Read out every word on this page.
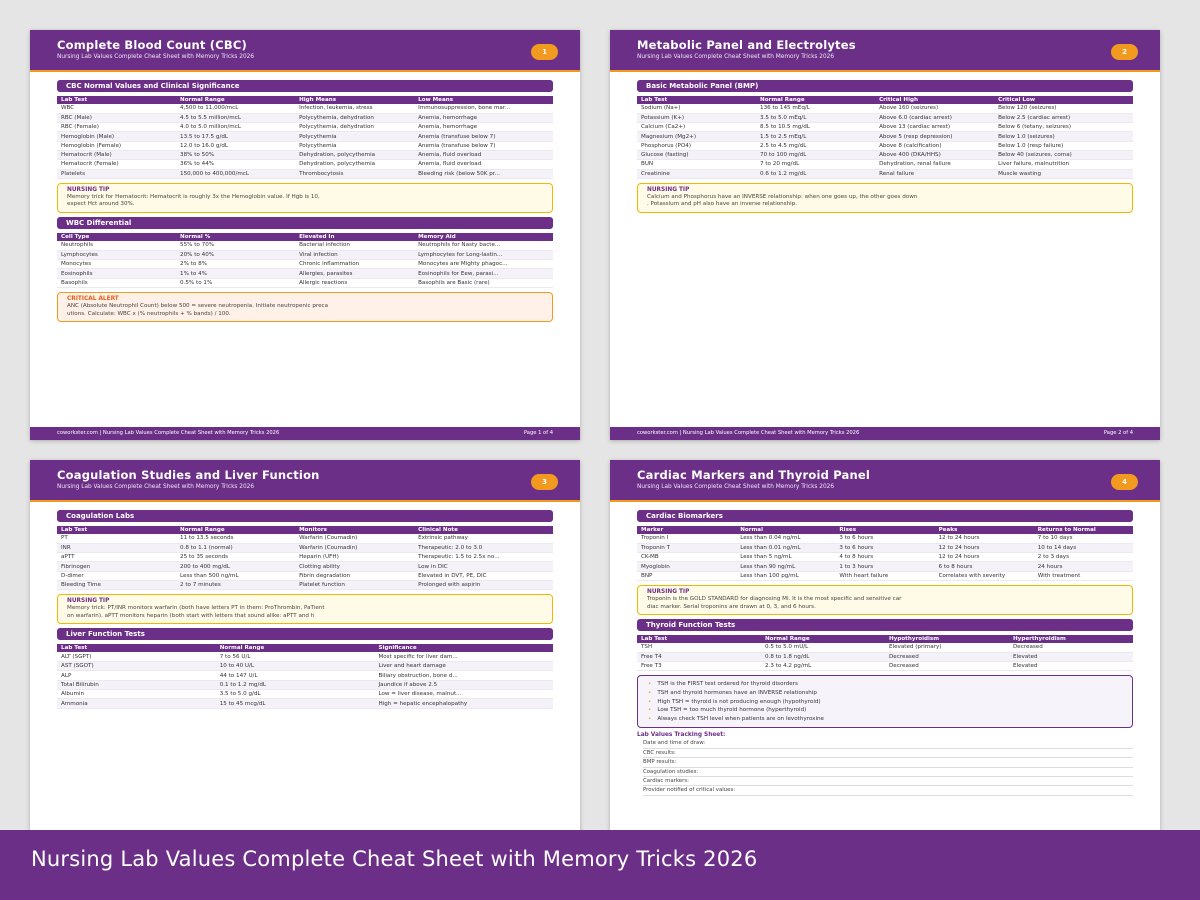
Complete Blood Count (CBC)
Nursing Lab Values Complete Cheat Sheet with Memory Tricks 2026
1
CBC Normal Values and Clinical Significance
Lab Test	Normal Range	High Means	Low Means
WBC	4,500 to 11,000/mcL	Infection, leukemia, stress	Immunosuppression, bone mar...
RBC (Male)	4.5 to 5.5 million/mcL	Polycythemia, dehydration	Anemia, hemorrhage
RBC (Female)	4.0 to 5.0 million/mcL	Polycythemia, dehydration	Anemia, hemorrhage
Hemoglobin (Male)	13.5 to 17.5 g/dL	Polycythemia	Anemia (transfuse below 7)
Hemoglobin (Female)	12.0 to 16.0 g/dL	Polycythemia	Anemia (transfuse below 7)
Hematocrit (Male)	38% to 50%	Dehydration, polycythemia	Anemia, fluid overload
Hematocrit (Female)	36% to 44%	Dehydration, polycythemia	Anemia, fluid overload
Platelets	150,000 to 400,000/mcL	Thrombocytosis	Bleeding risk (below 50K pr...
NURSING TIP
Memory trick for Hematocrit: Hematocrit is roughly 3x the Hemoglobin value. If Hgb is 10,
expect Hct around 30%.
WBC Differential
Cell Type	Normal %	Elevated In	Memory Aid
Neutrophils	55% to 70%	Bacterial infection	Neutrophils for Nasty bacte...
Lymphocytes	20% to 40%	Viral infection	Lymphocytes for Long-lastin...
Monocytes	2% to 8%	Chronic inflammation	Monocytes are Mighty phagoc...
Eosinophils	1% to 4%	Allergies, parasites	Eosinophils for Eew, parasi...
Basophils	0.5% to 1%	Allergic reactions	Basophils are Basic (rare)
CRITICAL ALERT
ANC (Absolute Neutrophil Count) below 500 = severe neutropenia. Initiate neutropenic preca
utions. Calculate: WBC x (% neutrophils + % bands) / 100.
coworkster.com | Nursing Lab Values Complete Cheat Sheet with Memory Tricks 2026	Page 1 of 4
Metabolic Panel and Electrolytes
Nursing Lab Values Complete Cheat Sheet with Memory Tricks 2026
2
Basic Metabolic Panel (BMP)
Lab Test	Normal Range	Critical High	Critical Low
Sodium (Na+)	136 to 145 mEq/L	Above 160 (seizures)	Below 120 (seizures)
Potassium (K+)	3.5 to 5.0 mEq/L	Above 6.0 (cardiac arrest)	Below 2.5 (cardiac arrest)
Calcium (Ca2+)	8.5 to 10.5 mg/dL	Above 13 (cardiac arrest)	Below 6 (tetany, seizures)
Magnesium (Mg2+)	1.5 to 2.5 mEq/L	Above 5 (resp depression)	Below 1.0 (seizures)
Phosphorus (PO4)	2.5 to 4.5 mg/dL	Above 8 (calcification)	Below 1.0 (resp failure)
Glucose (fasting)	70 to 100 mg/dL	Above 400 (DKA/HHS)	Below 40 (seizures, coma)
BUN	7 to 20 mg/dL	Dehydration, renal failure	Liver failure, malnutrition
Creatinine	0.6 to 1.2 mg/dL	Renal failure	Muscle wasting
NURSING TIP
Calcium and Phosphorus have an INVERSE relationship: when one goes up, the other goes down
. Potassium and pH also have an inverse relationship.
coworkster.com | Nursing Lab Values Complete Cheat Sheet with Memory Tricks 2026	Page 2 of 4
Coagulation Studies and Liver Function
Nursing Lab Values Complete Cheat Sheet with Memory Tricks 2026
3
Coagulation Labs
Lab Test	Normal Range	Monitors	Clinical Note
PT	11 to 13.5 seconds	Warfarin (Coumadin)	Extrinsic pathway
INR	0.8 to 1.1 (normal)	Warfarin (Coumadin)	Therapeutic: 2.0 to 3.0
aPTT	25 to 35 seconds	Heparin (UFH)	Therapeutic: 1.5 to 2.5x no...
Fibrinogen	200 to 400 mg/dL	Clotting ability	Low in DIC
D-dimer	Less than 500 ng/mL	Fibrin degradation	Elevated in DVT, PE, DIC
Bleeding Time	2 to 7 minutes	Platelet function	Prolonged with aspirin
NURSING TIP
Memory trick: PT/INR monitors warfarin (both have letters PT in them: ProThrombin, PaTient
on warfarin). aPTT monitors heparin (both start with letters that sound alike: aPTT and h
Liver Function Tests
Lab Test	Normal Range	Significance
ALT (SGPT)	7 to 56 U/L	Most specific for liver dam...
AST (SGOT)	10 to 40 U/L	Liver and heart damage
ALP	44 to 147 U/L	Biliary obstruction, bone d...
Total Bilirubin	0.1 to 1.2 mg/dL	Jaundice if above 2.5
Albumin	3.5 to 5.0 g/dL	Low = liver disease, malnut...
Ammonia	15 to 45 mcg/dL	High = hepatic encephalopathy
Cardiac Markers and Thyroid Panel
Nursing Lab Values Complete Cheat Sheet with Memory Tricks 2026
4
Cardiac Biomarkers
Marker	Normal	Rises	Peaks	Returns to Normal
Troponin I	Less than 0.04 ng/mL	3 to 6 hours	12 to 24 hours	7 to 10 days
Troponin T	Less than 0.01 ng/mL	3 to 6 hours	12 to 24 hours	10 to 14 days
CK-MB	Less than 5 ng/mL	4 to 8 hours	12 to 24 hours	2 to 3 days
Myoglobin	Less than 90 ng/mL	1 to 3 hours	6 to 8 hours	24 hours
BNP	Less than 100 pg/mL	With heart failure	Correlates with severity	With treatment
NURSING TIP
Troponin is the GOLD STANDARD for diagnosing MI. It is the most specific and sensitive car
diac marker. Serial troponins are drawn at 0, 3, and 6 hours.
Thyroid Function Tests
Lab Test	Normal Range	Hypothyroidism	Hyperthyroidism
TSH	0.5 to 5.0 mU/L	Elevated (primary)	Decreased
Free T4	0.8 to 1.8 ng/dL	Decreased	Elevated
Free T3	2.3 to 4.2 pg/mL	Decreased	Elevated
• TSH is the FIRST test ordered for thyroid disorders
• TSH and thyroid hormones have an INVERSE relationship
• High TSH = thyroid is not producing enough (hypothyroid)
• Low TSH = too much thyroid hormone (hyperthyroid)
• Always check TSH level when patients are on levothyroxine
Lab Values Tracking Sheet:
Date and time of draw:
CBC results:
BMP results:
Coagulation studies:
Cardiac markers:
Provider notified of critical values:
Nursing Lab Values Complete Cheat Sheet with Memory Tricks 2026
